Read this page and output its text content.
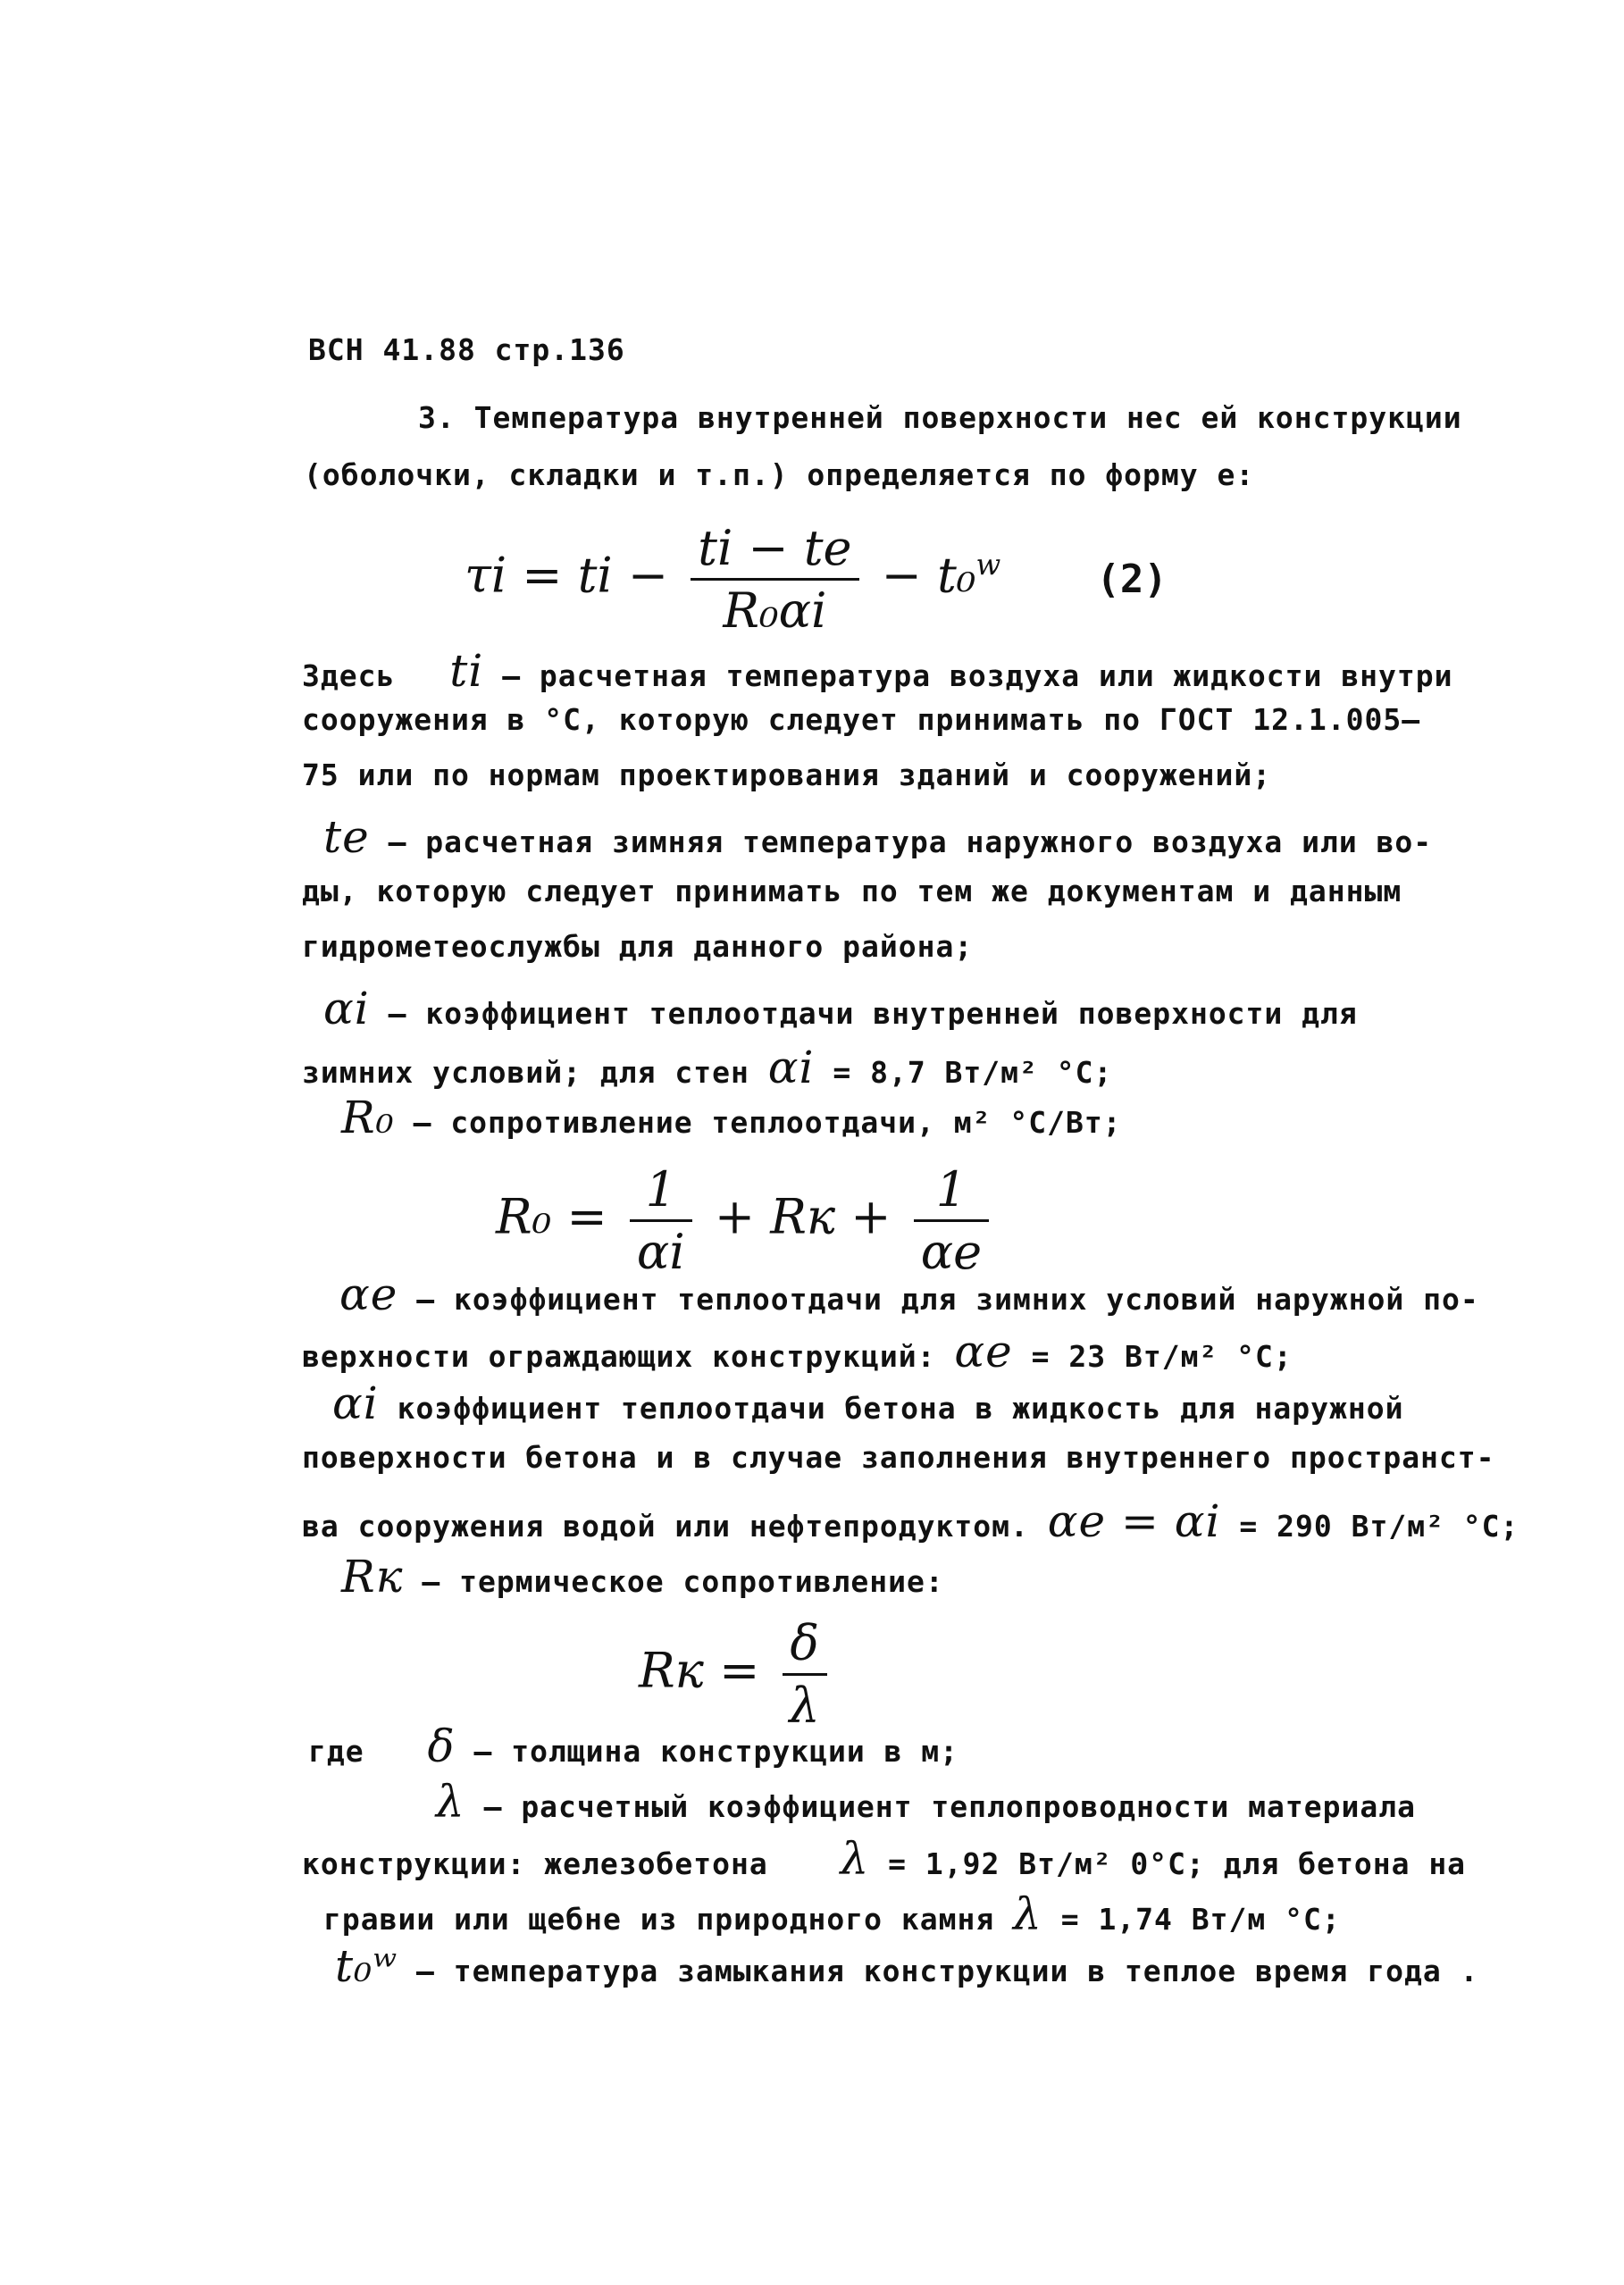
ВСН 41.88 стр.136
3. Температура внутренней поверхности нес ей конструкции
(оболочки, складки и т.п.) определяется по форму е:
τi = ti − $\frac{ti - te}{\text{R₀αi}} - t_0^w$ (2)
Здесь ti – расчетная температура воздуха или жидкости внутри
сооружения в °С, которую следует принимать по ГОСТ 12.1.005–
75 или по нормам проектирования зданий и сооружений;
te – расчетная зимняя температура наружного воздуха или во-
ды, которую следует принимать по тем же документам и данным
гидрометеослужбы для данного района;
αi – коэффициент теплоотдачи внутренней поверхности для
зимних условий; для стен αi = 8,7 Вт/м² °С;
R₀ – сопротивление теплоотдачи, м² °С/Вт;
$R_0 = \frac{1}{\alpha i}$ + Rк + $\frac{1}{\alpha e}$
αe – коэффициент теплоотдачи для зимних условий наружной по-
верхности ограждающих конструкций: αe = 23 Вт/м² °С;
αi коэффициент теплоотдачи бетона в жидкость для наружной
поверхности бетона и в случае заполнения внутреннего пространст-
ва сооружения водой или нефтепродуктом. αe = αi = 290 Вт/м² °С;
Rк – термическое сопротивление:
Rк = $\frac{\delta}{\lambda}$
где δ – толщина конструкции в м;
λ – расчетный коэффициент теплопроводности материала
конструкции: железобетона λ = 1,92 Вт/м² 0°С; для бетона на
гравии или щебне из природного камня λ = 1,74 Вт/м °С;
t₀ʷ – температура замыкания конструкции в теплое время года .
